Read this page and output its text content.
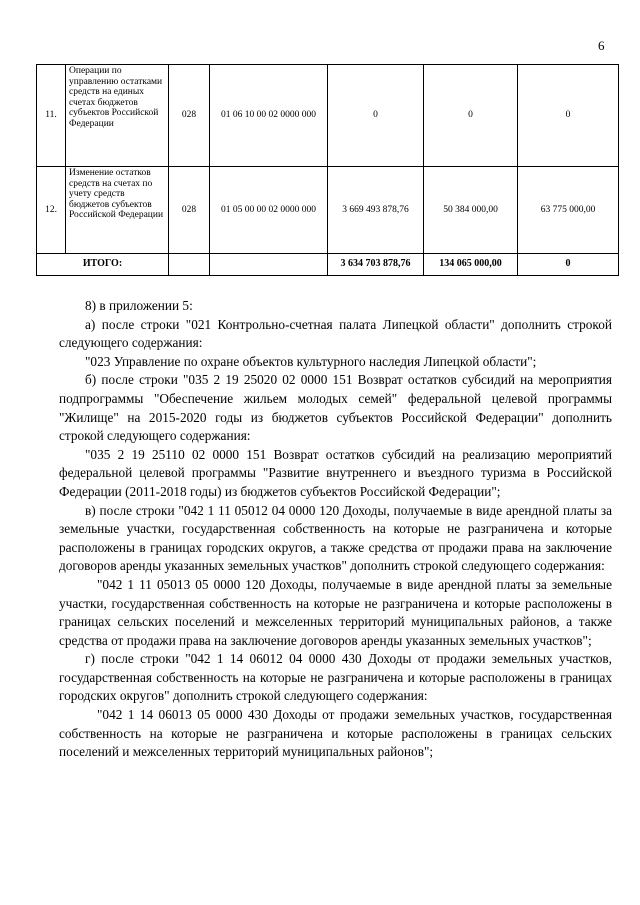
6
11.	Операции по управлению остатками средств на единых счетах бюджетов субъектов Российской Федерации	028	01 06 10 00 02 0000 000	0	0	0
12.	Изменение остатков средств на счетах по учету средств бюджетов субъектов Российской Федерации	028	01 05 00 00 02 0000 000	3 669 493 878,76	50 384 000,00	63 775 000,00
ИТОГО:				3 634 703 878,76	134 065 000,00	0

8) в приложении 5:

а) после строки "021 Контрольно-счетная палата Липецкой области" дополнить строкой следующего содержания:

"023 Управление по охране объектов культурного наследия Липецкой области";

б) после строки "035 2 19 25020 02 0000 151 Возврат остатков субсидий на мероприятия подпрограммы "Обеспечение жильем молодых семей" федеральной целевой программы "Жилище" на 2015-2020 годы из бюджетов субъектов Российской Федерации" дополнить строкой следующего содержания:

"035 2 19 25110 02 0000 151 Возврат остатков субсидий на реализацию мероприятий федеральной целевой программы "Развитие внутреннего и въездного туризма в Российской Федерации (2011-2018 годы) из бюджетов субъектов Российской Федерации";

в) после строки "042 1 11 05012 04 0000 120 Доходы, получаемые в виде арендной платы за земельные участки, государственная собственность на которые не разграничена и которые расположены в границах городских округов, а также средства от продажи права на заключение договоров аренды указанных земельных участков" дополнить строкой следующего содержания:

"042 1 11 05013 05 0000 120 Доходы, получаемые в виде арендной платы за земельные участки, государственная собственность на которые не разграничена и которые расположены в границах сельских поселений и межселенных территорий муниципальных районов, а также средства от продажи права на заключение договоров аренды указанных земельных участков";

г) после строки "042 1 14 06012 04 0000 430 Доходы от продажи земельных участков, государственная собственность на которые не разграничена и которые расположены в границах городских округов" дополнить строкой следующего содержания:

"042 1 14 06013 05 0000 430 Доходы от продажи земельных участков, государственная собственность на которые не разграничена и которые расположены в границах сельских поселений и межселенных территорий муниципальных районов";
